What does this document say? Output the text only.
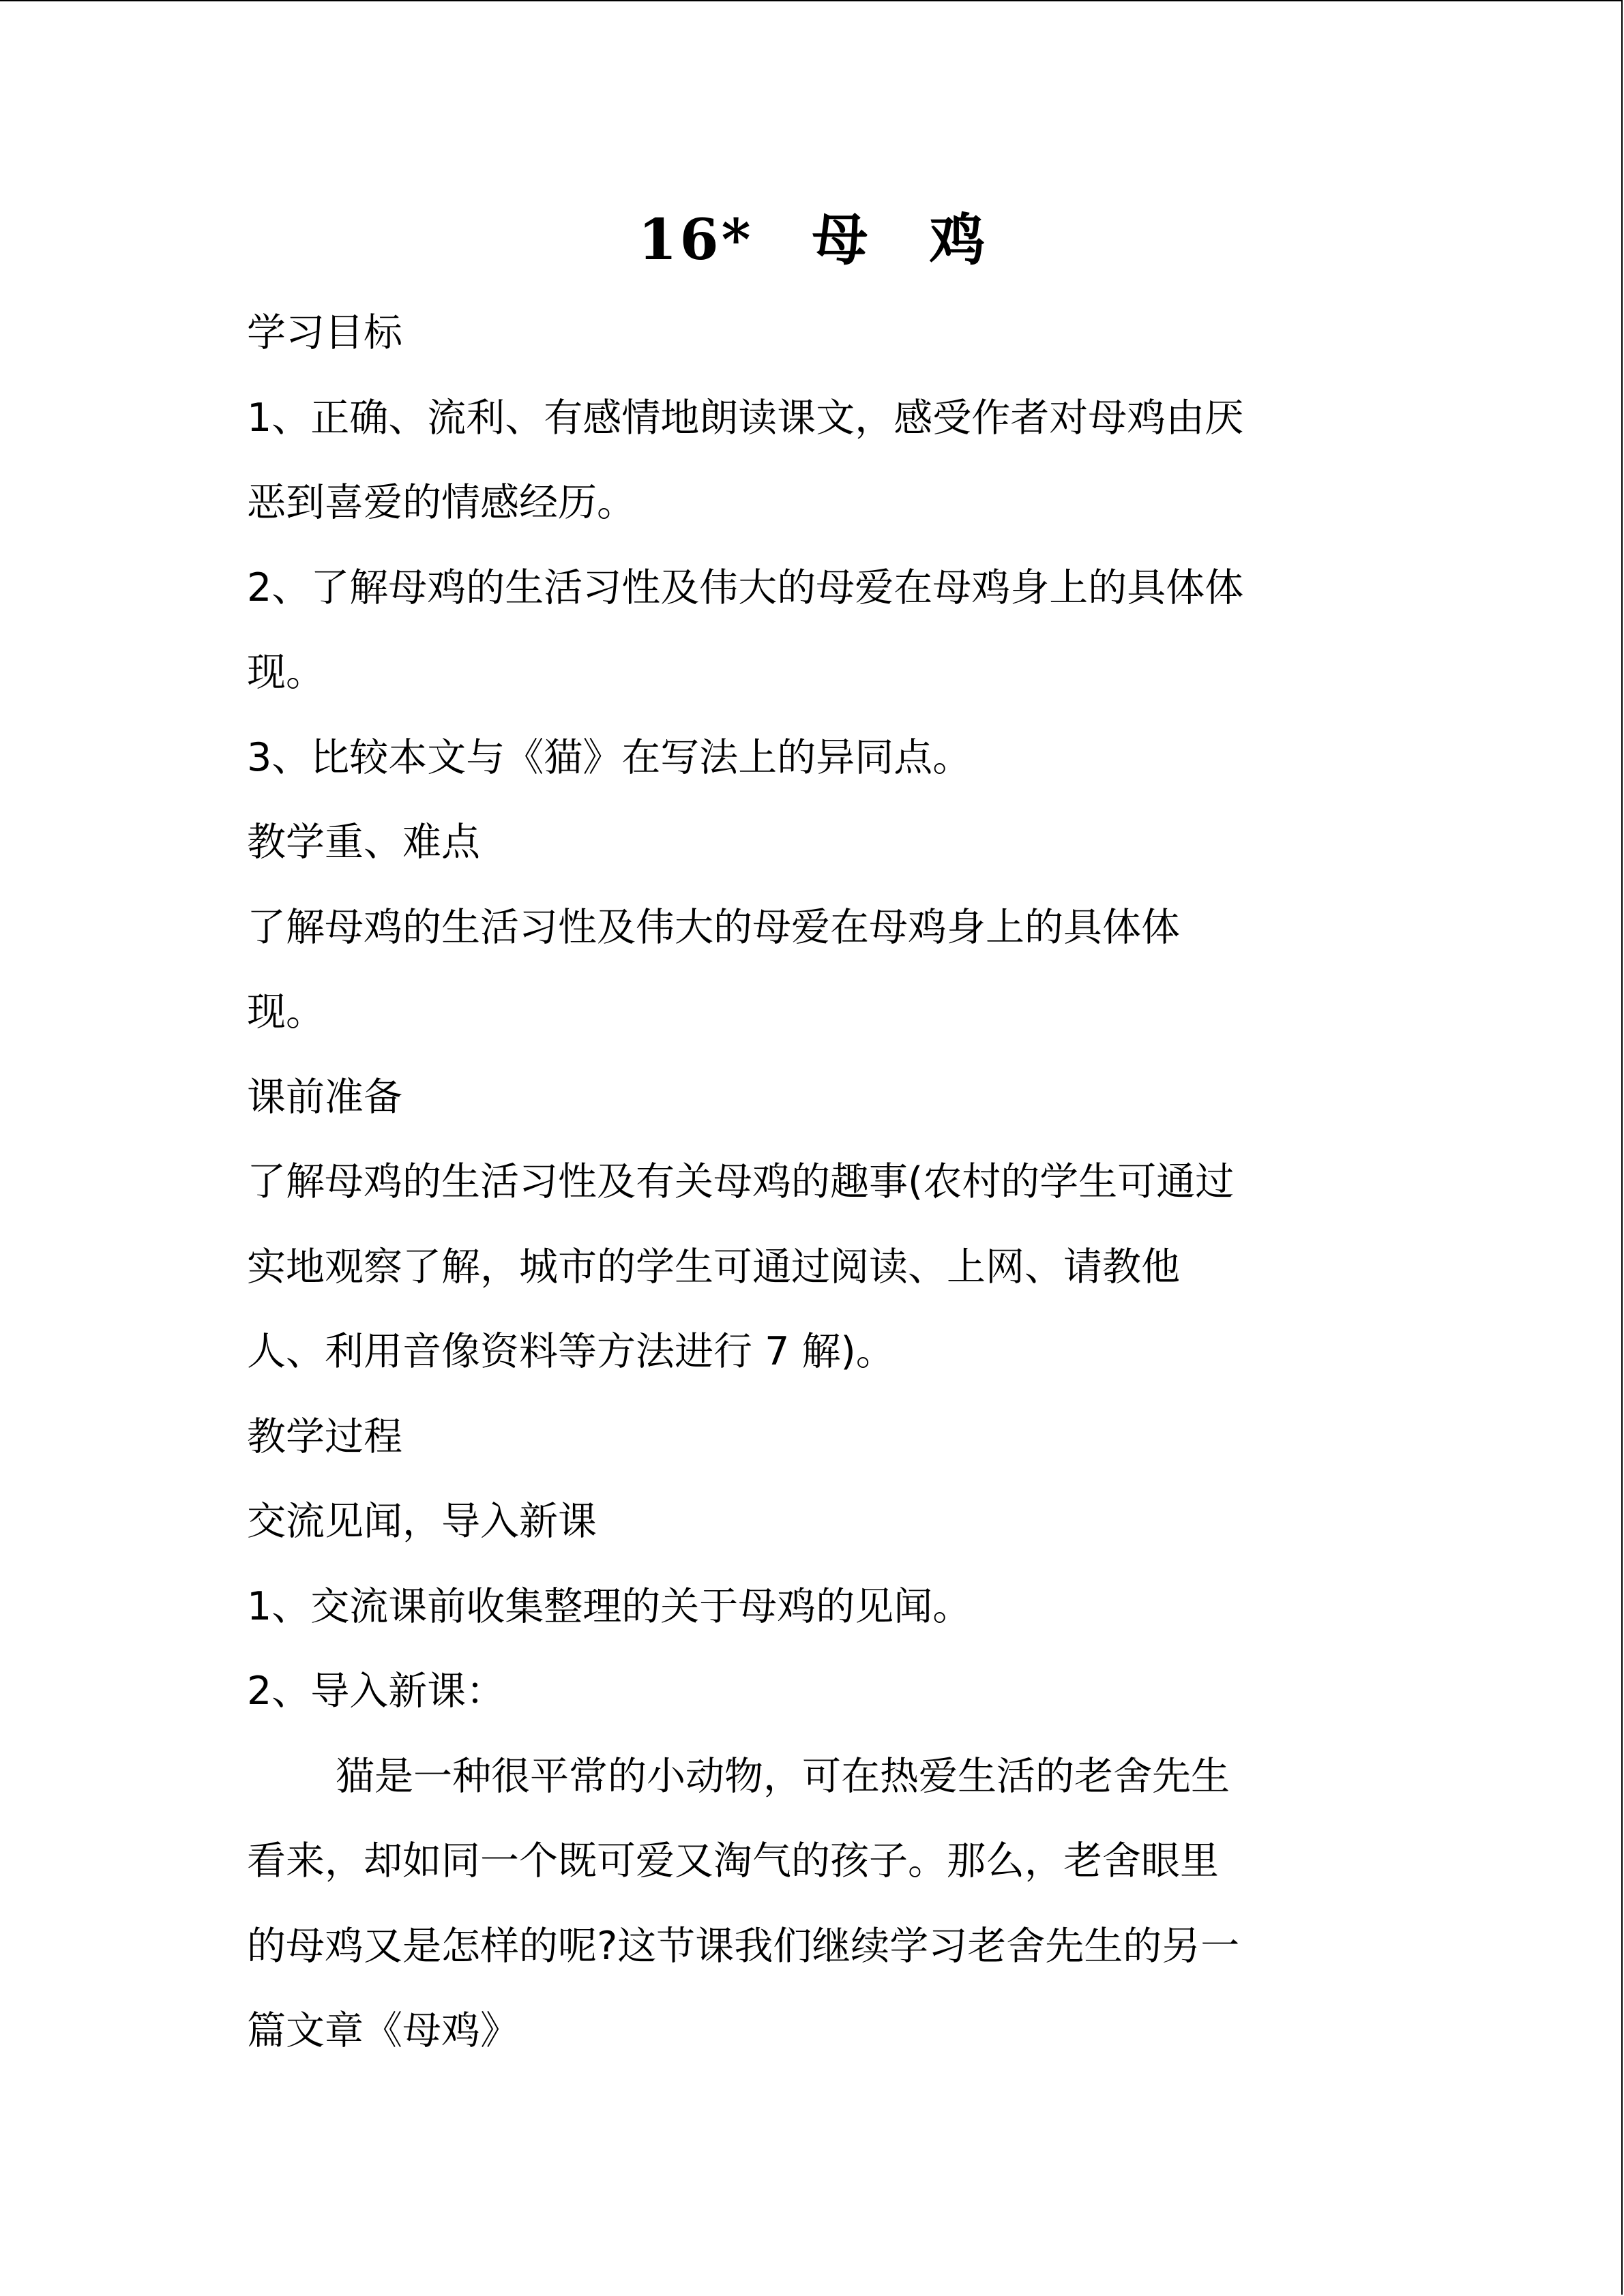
16*　母　鸡

学习目标

1、正确、流利、有感情地朗读课文，感受作者对母鸡由厌

恶到喜爱的情感经历。

2、了解母鸡的生活习性及伟大的母爱在母鸡身上的具体体

现。

3、比较本文与《猫》在写法上的异同点。

教学重、难点

了解母鸡的生活习性及伟大的母爱在母鸡身上的具体体

现。

课前准备

了解母鸡的生活习性及有关母鸡的趣事(农村的学生可通过

实地观察了解，城市的学生可通过阅读、上网、请教他

人、利用音像资料等方法进行 7 解)。

教学过程

交流见闻，导入新课

1、交流课前收集整理的关于母鸡的见闻。

2、导入新课：

猫是一种很平常的小动物，可在热爱生活的老舍先生

看来，却如同一个既可爱又淘气的孩子。那么，老舍眼里

的母鸡又是怎样的呢?这节课我们继续学习老舍先生的另一

篇文章《母鸡》
